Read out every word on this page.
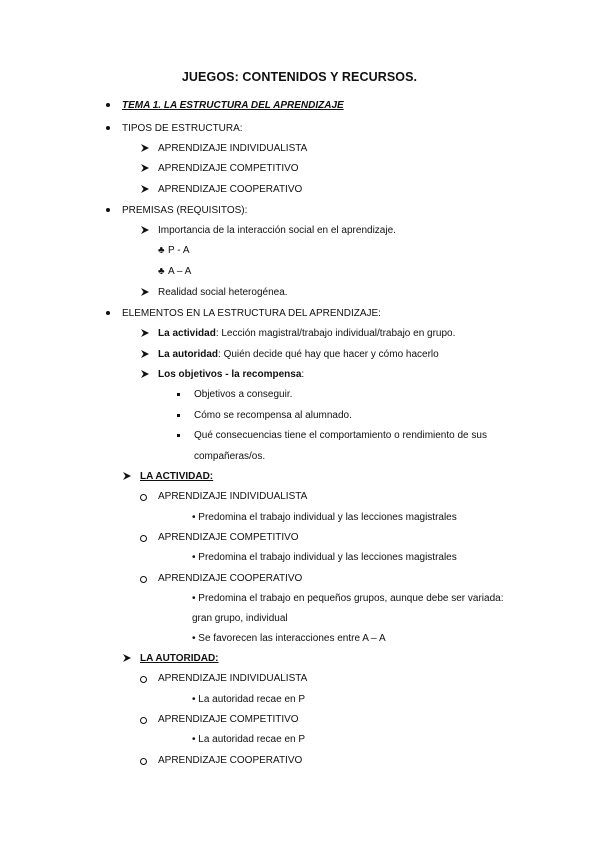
JUEGOS: CONTENIDOS Y RECURSOS.
TEMA 1. LA ESTRUCTURA DEL APRENDIZAJE
TIPOS DE ESTRUCTURA:
APRENDIZAJE INDIVIDUALISTA
APRENDIZAJE COMPETITIVO
APRENDIZAJE COOPERATIVO
PREMISAS (REQUISITOS):
Importancia de la interacción social en el aprendizaje.
♣ P - A
♣ A – A
Realidad social heterogénea.
ELEMENTOS EN LA ESTRUCTURA DEL APRENDIZAJE:
La actividad: Lección magistral/trabajo individual/trabajo en grupo.
La autoridad: Quién decide qué hay que hacer y cómo hacerlo
Los objetivos - la recompensa:
Objetivos a conseguir.
Cómo se recompensa al alumnado.
Qué consecuencias tiene el comportamiento o rendimiento de sus
compañeras/os.
LA ACTIVIDAD:
APRENDIZAJE INDIVIDUALISTA
• Predomina el trabajo individual y las lecciones magistrales
APRENDIZAJE COMPETITIVO
• Predomina el trabajo individual y las lecciones magistrales
APRENDIZAJE COOPERATIVO
• Predomina el trabajo en pequeños grupos, aunque debe ser variada:
gran grupo, individual
• Se favorecen las interacciones entre A – A
LA AUTORIDAD:
APRENDIZAJE INDIVIDUALISTA
• La autoridad recae en P
APRENDIZAJE COMPETITIVO
• La autoridad recae en P
APRENDIZAJE COOPERATIVO
